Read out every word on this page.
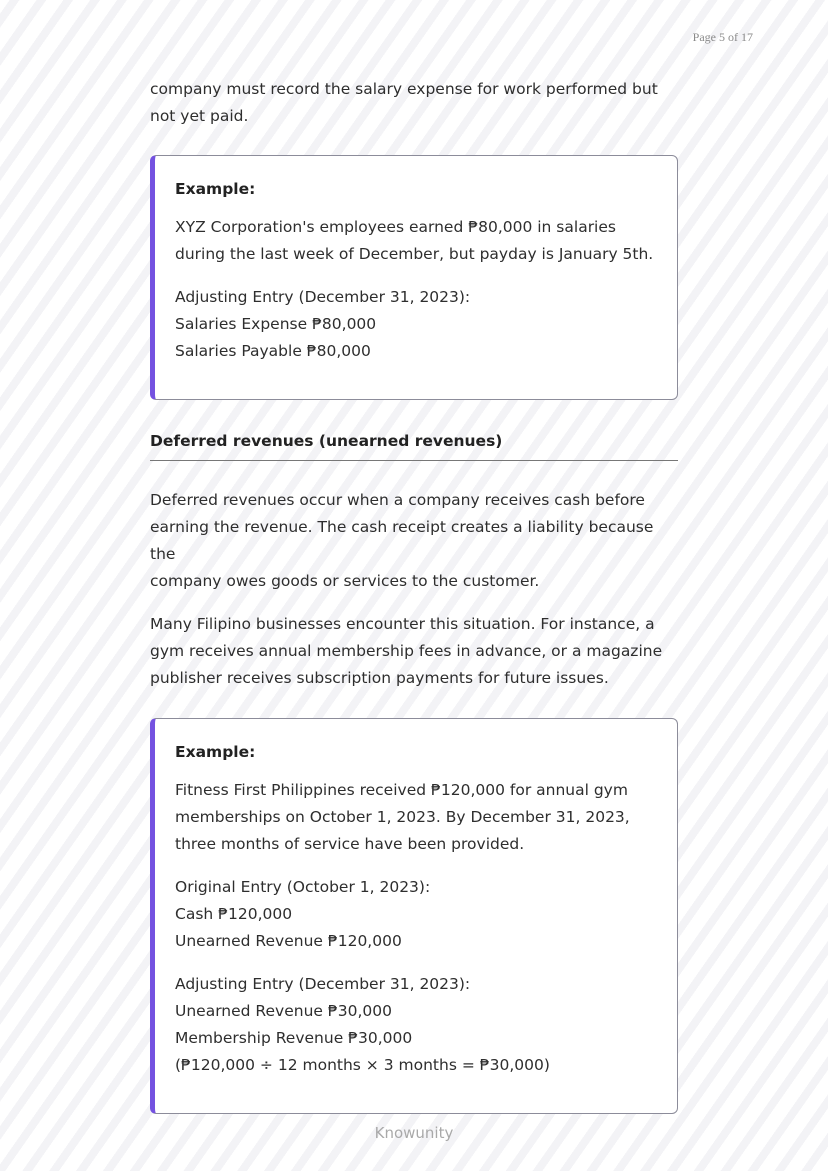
Page 5 of 17

company must record the salary expense for work performed but
not yet paid.

Example:

XYZ Corporation's employees earned ₱80,000 in salaries
during the last week of December, but payday is January 5th.

Adjusting Entry (December 31, 2023):
Salaries Expense ₱80,000
Salaries Payable ₱80,000

Deferred revenues (unearned revenues)

Deferred revenues occur when a company receives cash before
earning the revenue. The cash receipt creates a liability because the
company owes goods or services to the customer.

Many Filipino businesses encounter this situation. For instance, a
gym receives annual membership fees in advance, or a magazine
publisher receives subscription payments for future issues.

Example:

Fitness First Philippines received ₱120,000 for annual gym
memberships on October 1, 2023. By December 31, 2023,
three months of service have been provided.

Original Entry (October 1, 2023):
Cash ₱120,000
Unearned Revenue ₱120,000

Adjusting Entry (December 31, 2023):
Unearned Revenue ₱30,000
Membership Revenue ₱30,000
(₱120,000 ÷ 12 months × 3 months = ₱30,000)

Knowunity
